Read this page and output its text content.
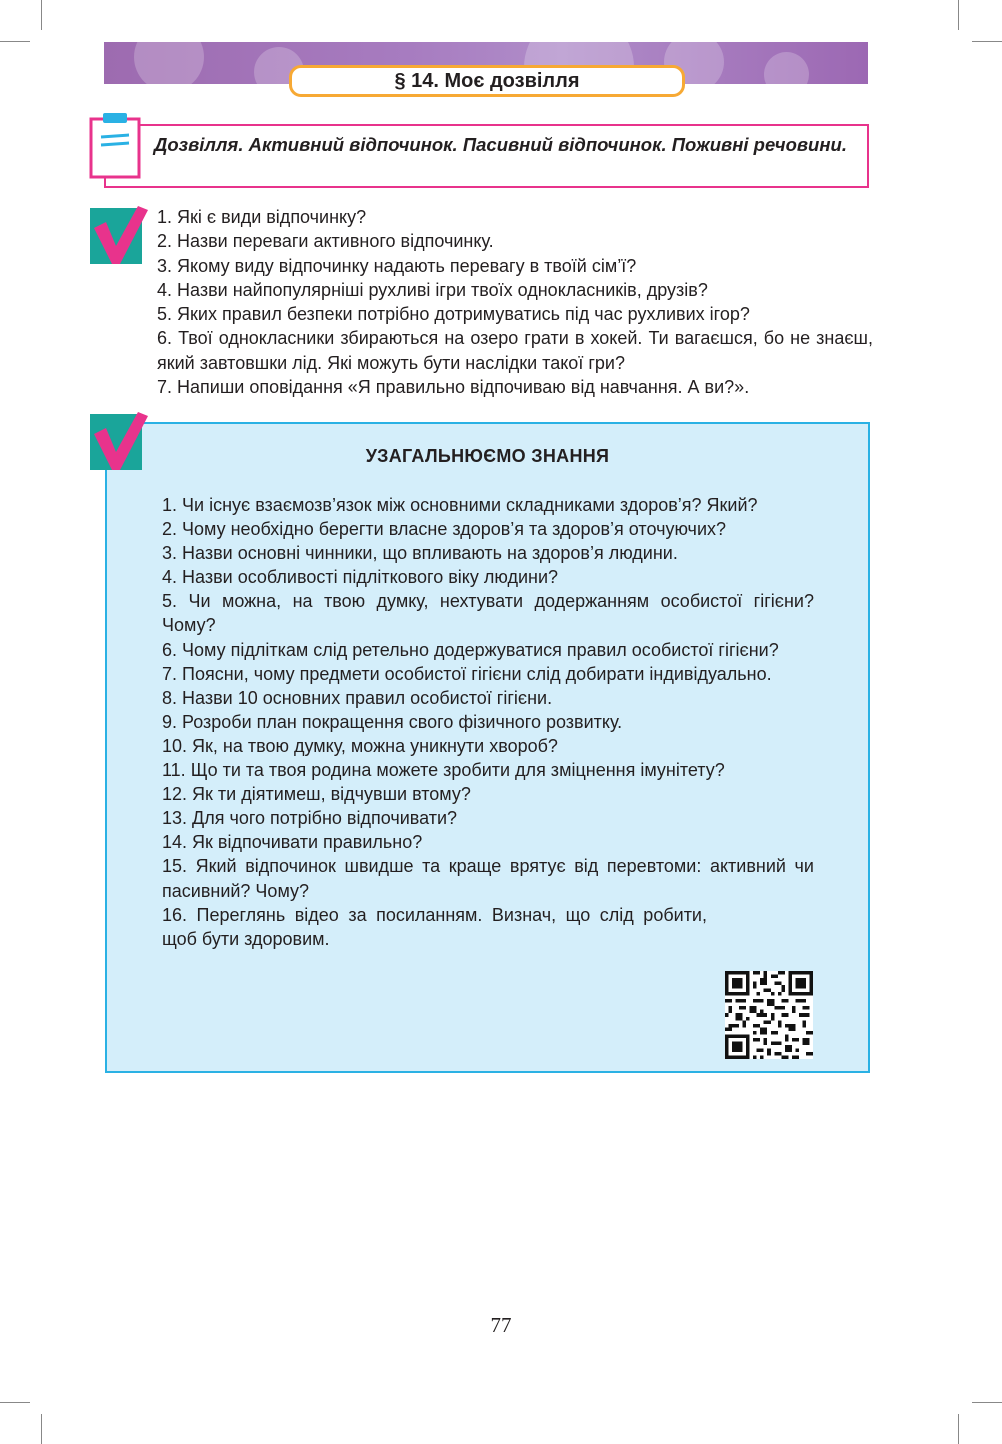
§ 14. Моє дозвілля
Дозвілля. Активний відпочинок. Пасивний відпочинок. Поживні речовини.
1. Які є види відпочинку?
2. Назви переваги активного відпочинку.
3. Якому виду відпочинку надають перевагу в твоїй сім’ї?
4. Назви найпопулярніші рухливі ігри твоїх однокласників, друзів?
5. Яких правил безпеки потрібно дотримуватись під час рухливих ігор?
6. Твої однокласники збираються на озеро грати в хокей. Ти вагаєшся, бо не знаєш, який завтовшки лід. Які можуть бути наслідки такої гри?
7. Напиши оповідання «Я правильно відпочиваю від навчання. А ви?».
УЗАГАЛЬНЮЄМО ЗНАННЯ
1. Чи існує взаємозв’язок між основними складниками здоров’я? Який?
2. Чому необхідно берегти власне здоров’я та здоров’я оточуючих?
3. Назви основні чинники, що впливають на здоров’я людини.
4. Назви особливості підліткового віку людини?
5. Чи можна, на твою думку, нехтувати додержанням особистої гігієни? Чому?
6. Чому підліткам слід ретельно додержуватися правил особистої гігієни?
7. Поясни, чому предмети особистої гігієни слід добирати індивідуально.
8. Назви 10 основних правил особистої гігієни.
9. Розроби план покращення свого фізичного розвитку.
10. Як, на твою думку, можна уникнути хвороб?
11. Що ти та твоя родина можете зробити для зміцнення імунітету?
12. Як ти діятимеш, відчувши втому?
13. Для чого потрібно відпочивати?
14. Як відпочивати правильно?
15. Який відпочинок швидше та краще врятує від перевтоми: активний чи пасивний? Чому?
16. Переглянь відео за посиланням. Визнач, що слід робити, щоб бути здоровим.
77
